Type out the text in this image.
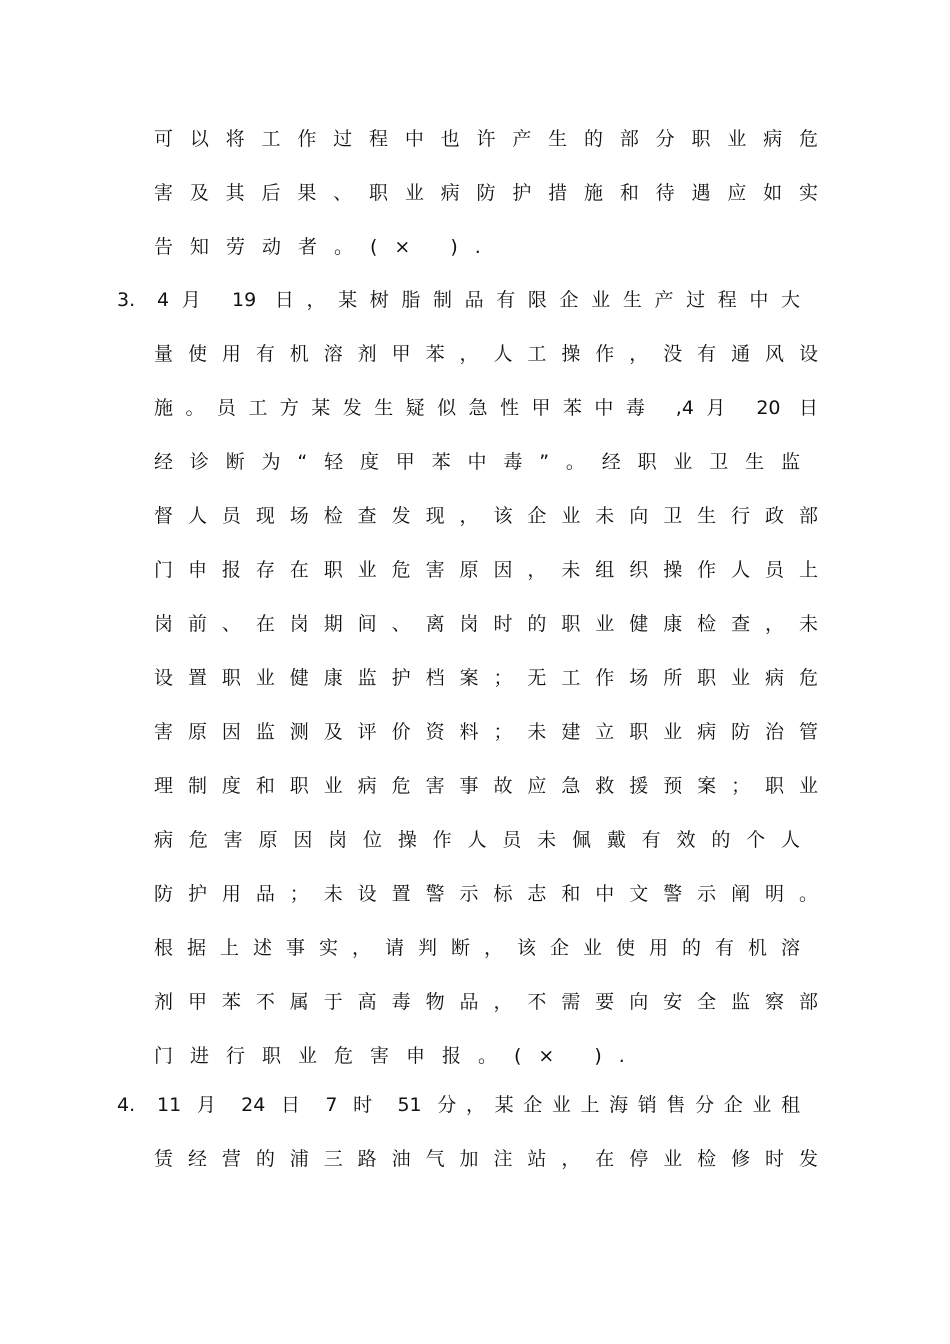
可以将工作过程中也许产生的部分职业病危
害及其后果、职业病防护措施和待遇应如实
告知劳动者。(× ).
3. 4月 19 日，某树脂制品有限企业生产过程中大
量使用有机溶剂甲苯，人工操作，没有通风设
施。员工方某发生疑似急性甲苯中毒 ,4月 20 日
经诊断为“轻度甲苯中毒”。经职业卫生监
督人员现场检查发现，该企业未向卫生行政部
门申报存在职业危害原因，未组织操作人员上
岗前、在岗期间、离岗时的职业健康检查，未
设置职业健康监护档案；无工作场所职业病危
害原因监测及评价资料；未建立职业病防治管
理制度和职业病危害事故应急救援预案；职业
病危害原因岗位操作人员未佩戴有效的个人
防护用品；未设置警示标志和中文警示阐明。
根据上述事实，请判断，该企业使用的有机溶
剂甲苯不属于高毒物品，不需要向安全监察部
门进行职业危害申报。(× ).
4. 11 月 24 日 7 时 51 分，某企业上海销售分企业租
赁经营的浦三路油气加注站，在停业检修时发
